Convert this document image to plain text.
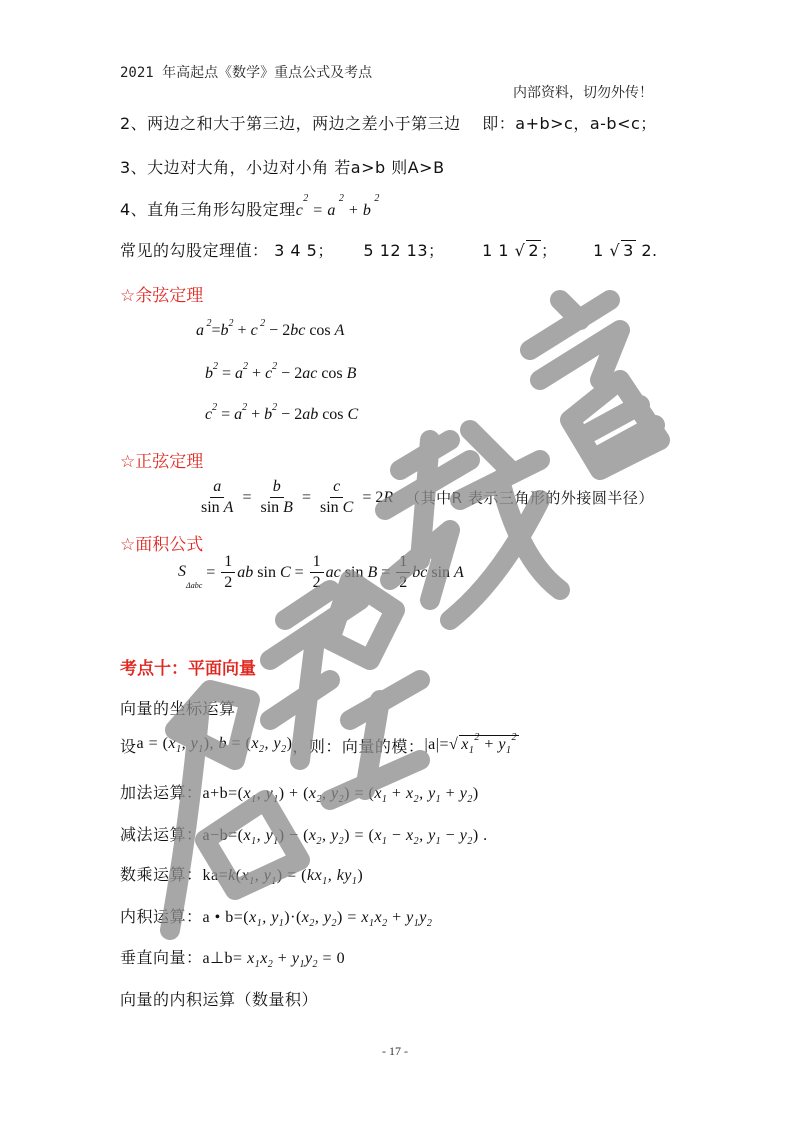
2021 年高起点《数学》重点公式及考点
内部资料，切勿外传！
2、两边之和大于第三边，两边之差小于第三边 即：a+b>c，a-b<c；
3、大边对大角，小边对小角 若a>b 则A>B
4、直角三角形勾股定理$c^2 = a$ $^2$ + b $^2$
常见的勾股定理值： 3 4 5； 5 12 13； 1 1 √ 2 ； 1 √ 3 2.
☆余弦定理
a $^2=b^2 + c$ $^2$ − 2bc cos A
$b^2 = a^2 + c^2 - 2ac$ cos B
$c^2 = a^2 + b^2 - 2ab$ cos C
☆正弦定理
$\frac{a}{\text{sin A}} = \frac{b}{\text{sin B}} = \frac{c}{\text{sin C}} = 2$ R （其中R 表示三角形的外接圆半径）
☆面积公式
$S_{\Delta abc}$
= $\frac{1}{2}$ ab $\sin C = \frac{1}{2}$ ac $\sin B = \frac{1}{2}$ bc sin A
考点十：平面向量
向量的坐标运算
设 $a = (x_1$, $y_1$), $b = (x_2$, $y_2$) ，则：向量的模： |a|=√ $x_1^2 + y_1^2$
加法运算：$a+b=(x_1$, $y_1) + (x_2$, $y_2) = (x_1 + x_2$, $y_1 + y_2$)
减法运算：$a-b=(x_1$, $y_1) - (x_2$, $y_2) = (x_1 - x_2$, $y_1 - y_2$) .
数乘运算：$ka=k(x_1$, $y_1) = (kx_1$, $ky_1$)
内积运算：a • $b=(x_1$, $y_1)\cdot(x_2$, $y_2) = x_1x_2 + y_1y_2$
垂直向量：a⊥b= $x_1x_2 + y_1y_2 = 0$
向量的内积运算（数量积）
- 17 -
